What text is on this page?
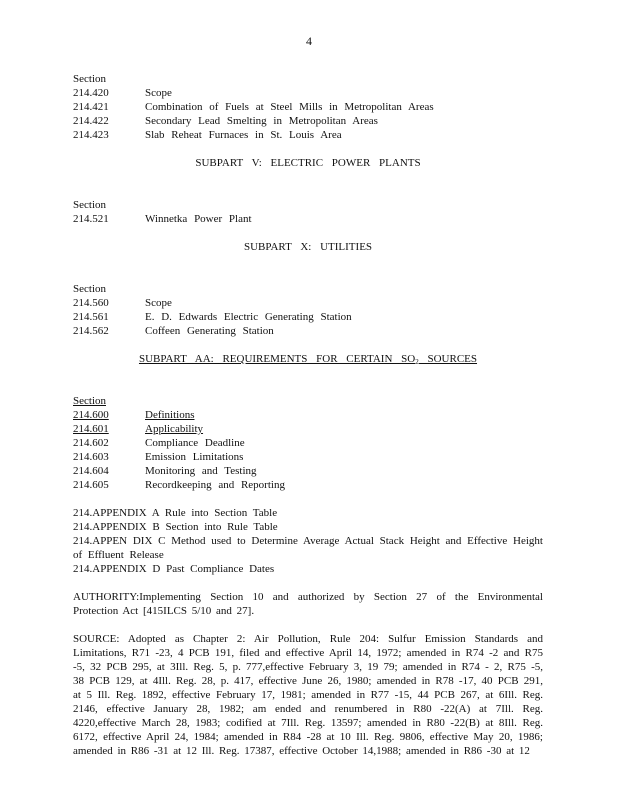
4
Section
214.420	Scope
214.421	Combination of Fuels at Steel Mills in Metropolitan Areas
214.422	Secondary Lead Smelting in Metropolitan Areas
214.423	Slab Reheat Furnaces in St. Louis Area
SUBPART V: ELECTRIC POWER PLANTS
Section
214.521	Winnetka Power Plant
SUBPART X: UTILITIES
Section
214.560	Scope
214.561	E. D. Edwards Electric Generating Station
214.562	Coffeen Generating Station
SUBPART AA: REQUIREMENTS FOR CERTAIN $SO_2$ SOURCES
Section
214.600	Definitions
214.601	Applicability
214.602	Compliance Deadline
214.603	Emission Limitations
214.604	Monitoring and Testing
214.605	Recordkeeping and Reporting
214.APPENDIX A Rule into Section Table
214.APPENDIX B Section into Rule Table
214.APPEN DIX C Method used to Determine Average Actual Stack Height and Effective Height of Effluent Release
214.APPENDIX D Past Compliance Dates

AUTHORITY:Implementing Section 10 and authorized by Section 27 of the Environmental Protection Act [415ILCS 5/10 and 27].

SOURCE: Adopted as Chapter 2: Air Pollution, Rule 204: Sulfur Emission Standards and Limitations, R71 -23, 4 PCB 191, filed and effective April 14, 1972; amended in R74 -2 and R75 -5, 32 PCB 295, at 3Ill. Reg. 5, p. 777,effective February 3, 19 79; amended in R74 - 2, R75 -5, 38 PCB 129, at 4Ill. Reg. 28, p. 417, effective June 26, 1980; amended in R78 -17, 40 PCB 291, at 5 Ill. Reg. 1892, effective February 17, 1981; amended in R77 -15, 44 PCB 267, at 6Ill. Reg. 2146, effective January 28, 1982; am ended and renumbered in R80 -22(A) at 7Ill. Reg. 4220,effective March 28, 1983; codified at 7Ill. Reg. 13597; amended in R80 -22(B) at 8Ill. Reg. 6172, effective April 24, 1984; amended in R84 -28 at 10 Ill. Reg. 9806, effective May 20, 1986; amended in R86 -31 at 12 Ill. Reg. 17387, effective October 14,1988; amended in R86 -30 at 12
